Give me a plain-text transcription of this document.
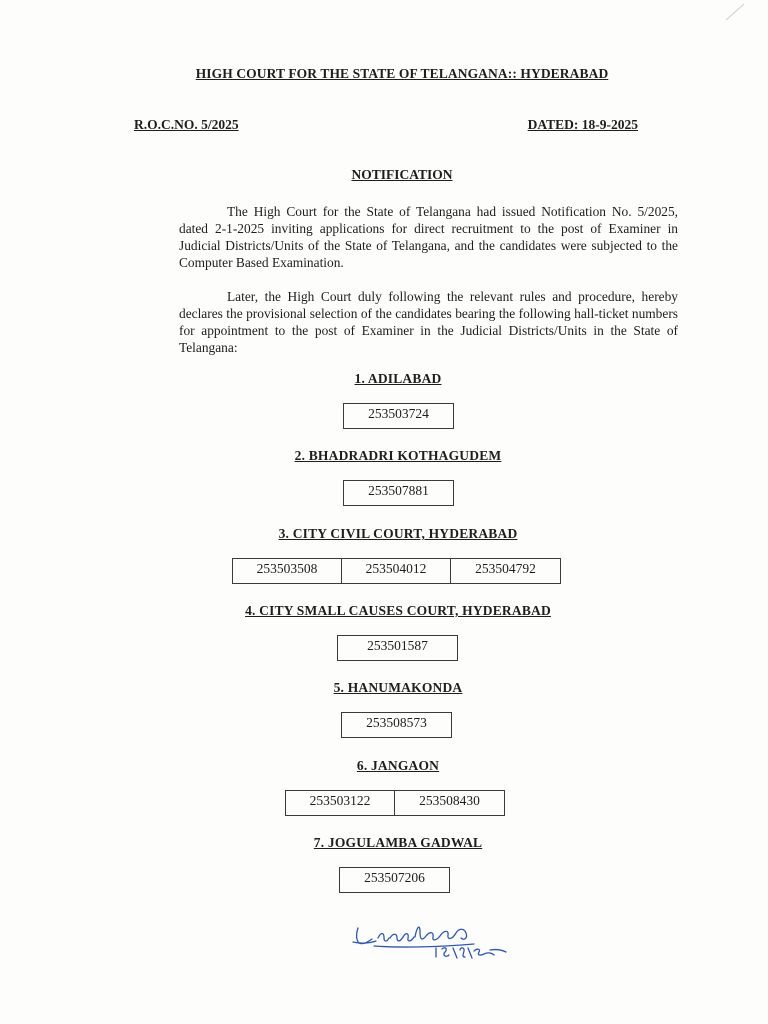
HIGH COURT FOR THE STATE OF TELANGANA:: HYDERABAD
R.O.C.NO. 5/2025	DATED: 18-9-2025
NOTIFICATION

The High Court for the State of Telangana had issued Notification No. 5/2025, dated 2-1-2025 inviting applications for direct recruitment to the post of Examiner in Judicial Districts/Units of the State of Telangana, and the candidates were subjected to the Computer Based Examination.

Later, the High Court duly following the relevant rules and procedure, hereby declares the provisional selection of the candidates bearing the following hall-ticket numbers for appointment to the post of Examiner in the Judicial Districts/Units in the State of Telangana:

1. ADILABAD
253503724
2. BHADRADRI KOTHAGUDEM
253507881
3. CITY CIVIL COURT, HYDERABAD
253503508	253504012	253504792
4. CITY SMALL CAUSES COURT, HYDERABAD
253501587
5. HANUMAKONDA
253508573
6. JANGAON
253503122	253508430
7. JOGULAMBA GADWAL
253507206
